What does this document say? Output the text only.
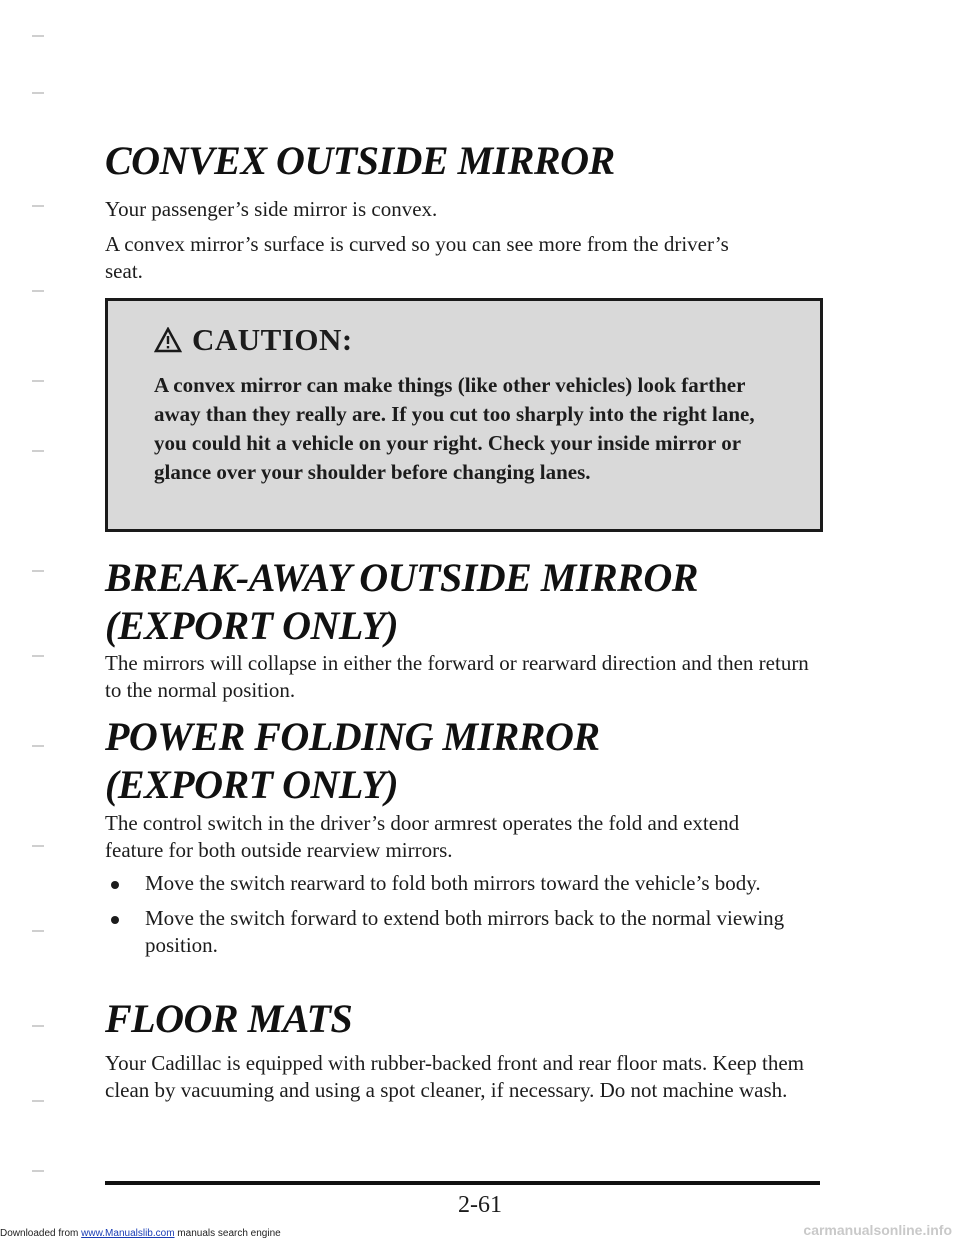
CONVEX OUTSIDE MIRROR

Your passenger’s side mirror is convex.

A convex mirror’s surface is curved so you can see more from the driver’s seat.

CAUTION:
A convex mirror can make things (like other vehicles) look farther away than they really are. If you cut too sharply into the right lane, you could hit a vehicle on your right. Check your inside mirror or glance over your shoulder before changing lanes.
BREAK-AWAY OUTSIDE MIRROR
(EXPORT ONLY)

The mirrors will collapse in either the forward or rearward direction and then return to the normal position.

POWER FOLDING MIRROR
(EXPORT ONLY)

The control switch in the driver’s door armrest operates the fold and extend feature for both outside rearview mirrors.

Move the switch rearward to fold both mirrors toward the vehicle’s body.
Move the switch forward to extend both mirrors back to the normal viewing position.
FLOOR MATS

Your Cadillac is equipped with rubber-backed front and rear floor mats. Keep them clean by vacuuming and using a spot cleaner, if necessary. Do not machine wash.

2-61
Downloaded from www.Manualslib.com manuals search engine	carmanualsonline.info
